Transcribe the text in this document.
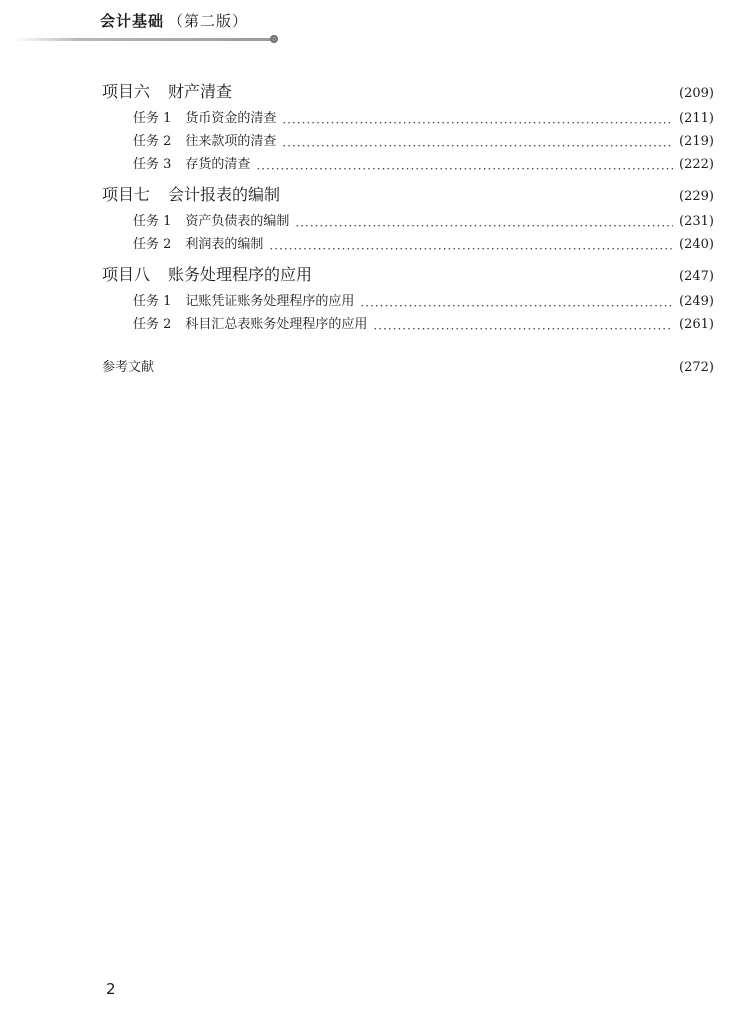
会计基础 （第二版）
项目六 财产清查 ·····	(209)
任务 1 货币资金的清查 ·····	(211)
任务 2 往来款项的清查 ·····	(219)
任务 3 存货的清查 ·····	(222)
项目七 会计报表的编制 ·····	(229)
任务 1 资产负债表的编制 ·····	(231)
任务 2 利润表的编制 ·····	(240)
项目八 账务处理程序的应用 ·····	(247)
任务 1 记账凭证账务处理程序的应用 ·····	(249)
任务 2 科目汇总表账务处理程序的应用 ·····	(261)
参考文献 ·····	(272)
2
